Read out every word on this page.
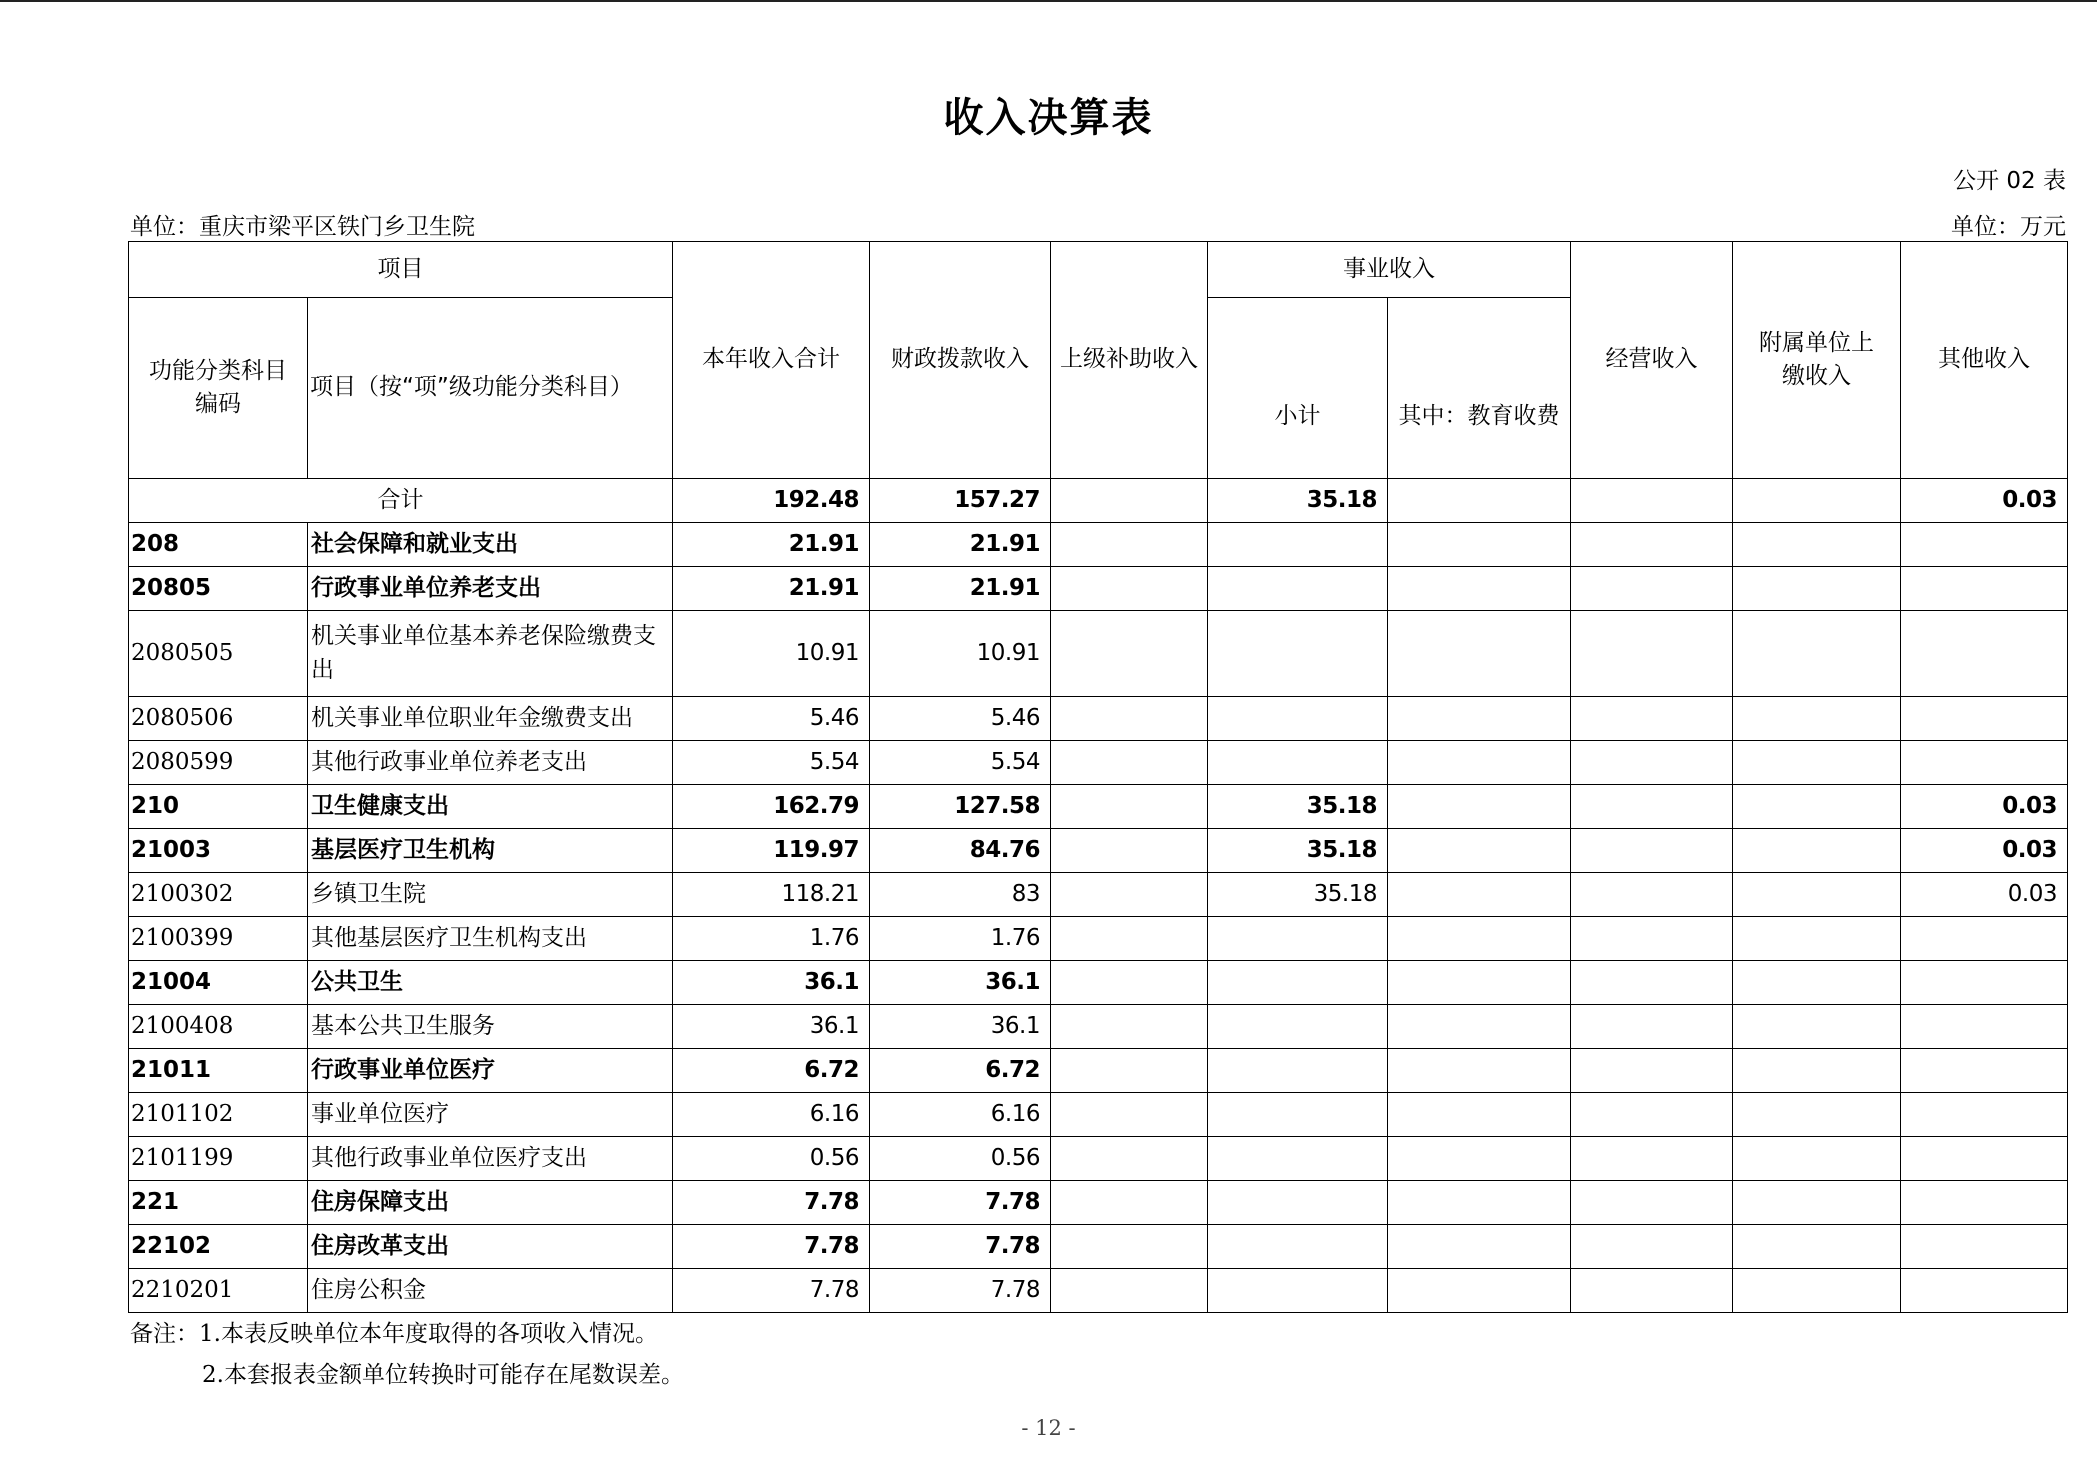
收入决算表
公开 02 表
单位：重庆市梁平区铁门乡卫生院	单位：万元
项目		本年收入合计	财政拨款收入	上级补助收入	事业收入		经营收入	附属单位上缴收入	其他收入
功能分类科目编码	项目（按“项”级功能分类科目）				小计	其中：教育收费			
合计		192.48	157.27		35.18				0.03
208	社会保障和就业支出	21.91	21.91						
20805	行政事业单位养老支出	21.91	21.91						
2080505	机关事业单位基本养老保险缴费支出	10.91	10.91						
2080506	机关事业单位职业年金缴费支出	5.46	5.46						
2080599	其他行政事业单位养老支出	5.54	5.54						
210	卫生健康支出	162.79	127.58		35.18				0.03
21003	基层医疗卫生机构	119.97	84.76		35.18				0.03
2100302	乡镇卫生院	118.21	83		35.18				0.03
2100399	其他基层医疗卫生机构支出	1.76	1.76						
21004	公共卫生	36.1	36.1						
2100408	基本公共卫生服务	36.1	36.1						
21011	行政事业单位医疗	6.72	6.72						
2101102	事业单位医疗	6.16	6.16						
2101199	其他行政事业单位医疗支出	0.56	0.56						
221	住房保障支出	7.78	7.78						
22102	住房改革支出	7.78	7.78						
2210201	住房公积金	7.78	7.78						
备注：1.本表反映单位本年度取得的各项收入情况。
2.本套报表金额单位转换时可能存在尾数误差。
- 12 -
